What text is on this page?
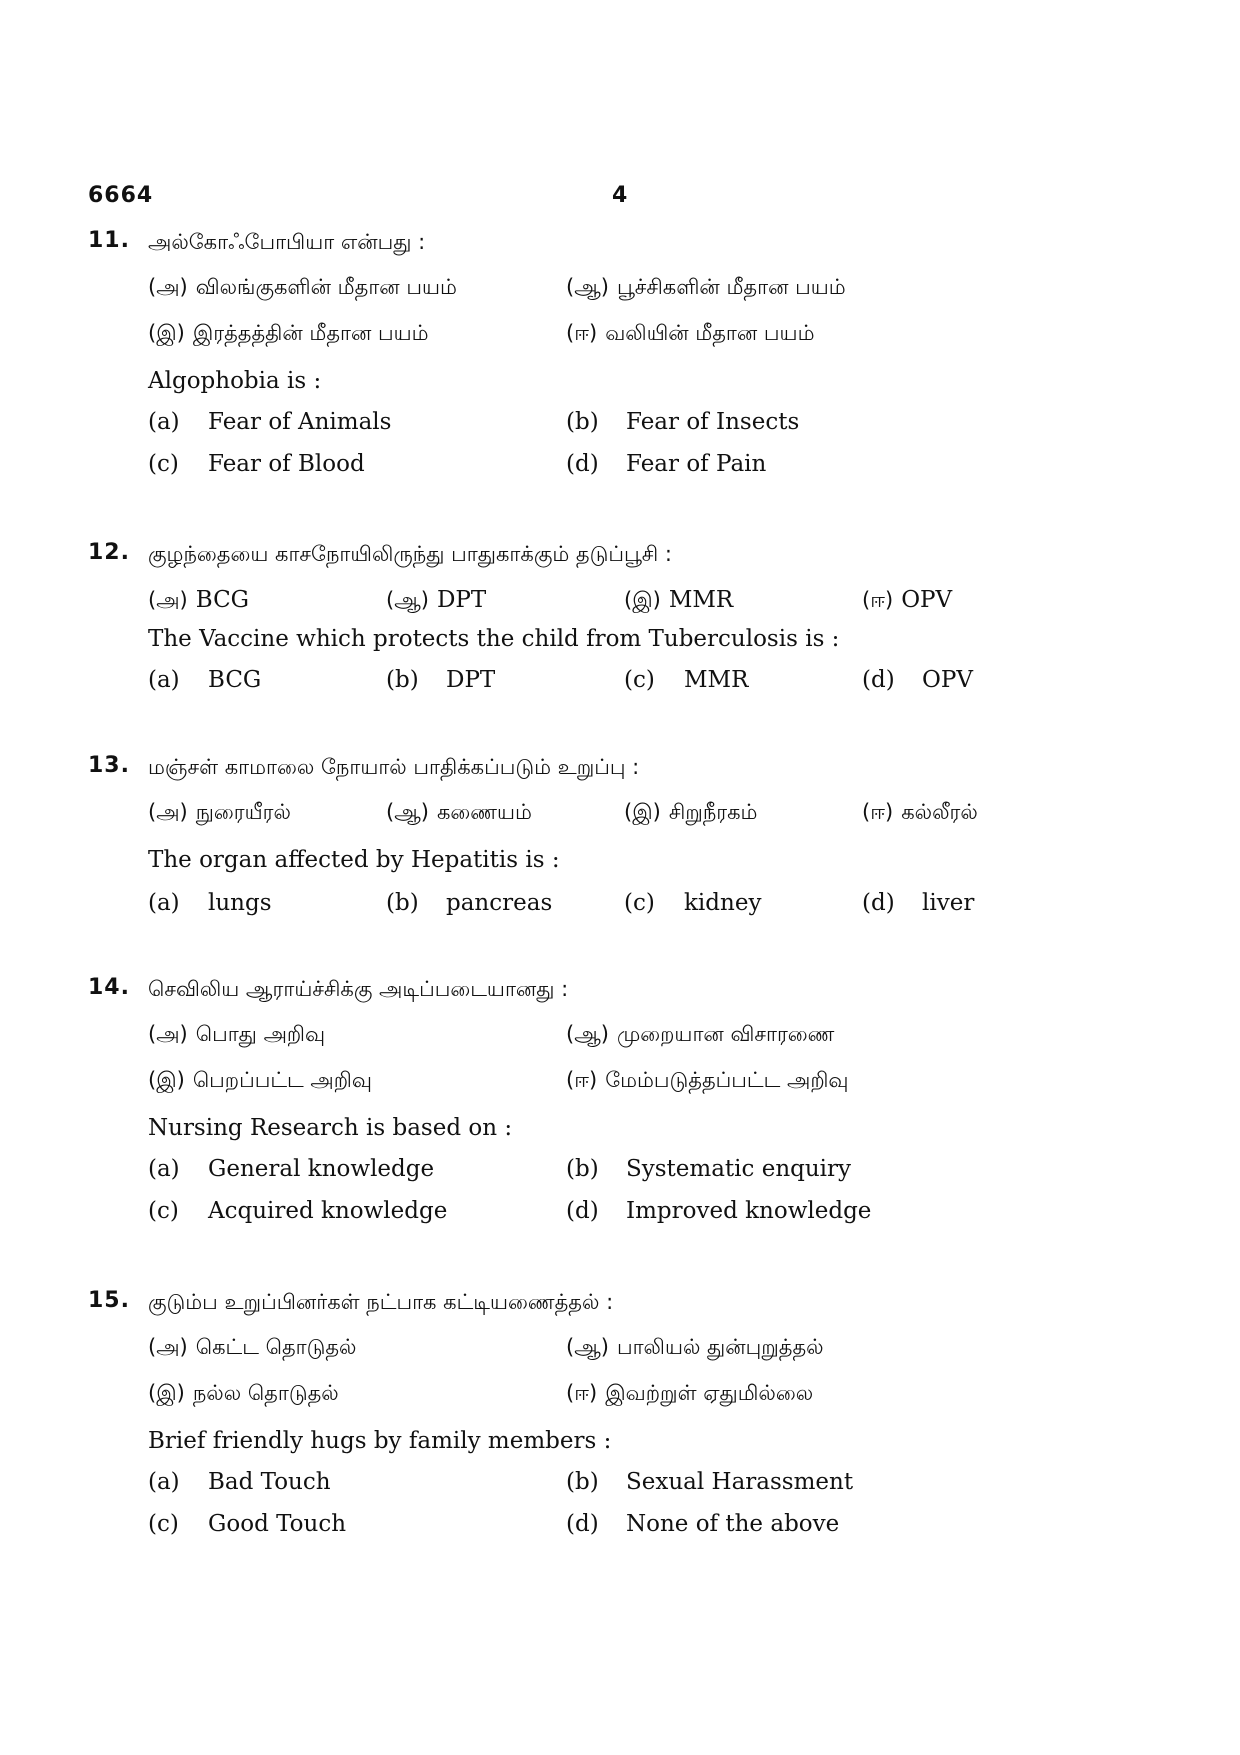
6664	4
11. அல்கோஃபோபியா என்பது :
(அ) விலங்குகளின் மீதான பயம்	(ஆ) பூச்சிகளின் மீதான பயம்
(இ) இரத்தத்தின் மீதான பயம்	(ஈ) வலியின் மீதான பயம்
Algophobia is :
(a) Fear of Animals	(b) Fear of Insects
(c) Fear of Blood	(d) Fear of Pain
12. குழந்தையை காசநோயிலிருந்து பாதுகாக்கும் தடுப்பூசி :
(அ) BCG	(ஆ) DPT	(இ) MMR	(ஈ) OPV
The Vaccine which protects the child from Tuberculosis is :
(a) BCG	(b) DPT	(c) MMR	(d) OPV
13. மஞ்சள் காமாலை நோயால் பாதிக்கப்படும் உறுப்பு :
(அ) நுரையீரல்	(ஆ) கணையம்	(இ) சிறுநீரகம்	(ஈ) கல்லீரல்
The organ affected by Hepatitis is :
(a) lungs	(b) pancreas	(c) kidney	(d) liver
14. செவிலிய ஆராய்ச்சிக்கு அடிப்படையானது :
(அ) பொது அறிவு	(ஆ) முறையான விசாரணை
(இ) பெறப்பட்ட அறிவு	(ஈ) மேம்படுத்தப்பட்ட அறிவு
Nursing Research is based on :
(a) General knowledge	(b) Systematic enquiry
(c) Acquired knowledge	(d) Improved knowledge
15. குடும்ப உறுப்பினர்கள் நட்பாக கட்டியணைத்தல் :
(அ) கெட்ட தொடுதல்	(ஆ) பாலியல் துன்புறுத்தல்
(இ) நல்ல தொடுதல்	(ஈ) இவற்றுள் ஏதுமில்லை
Brief friendly hugs by family members :
(a) Bad Touch	(b) Sexual Harassment
(c) Good Touch	(d) None of the above
